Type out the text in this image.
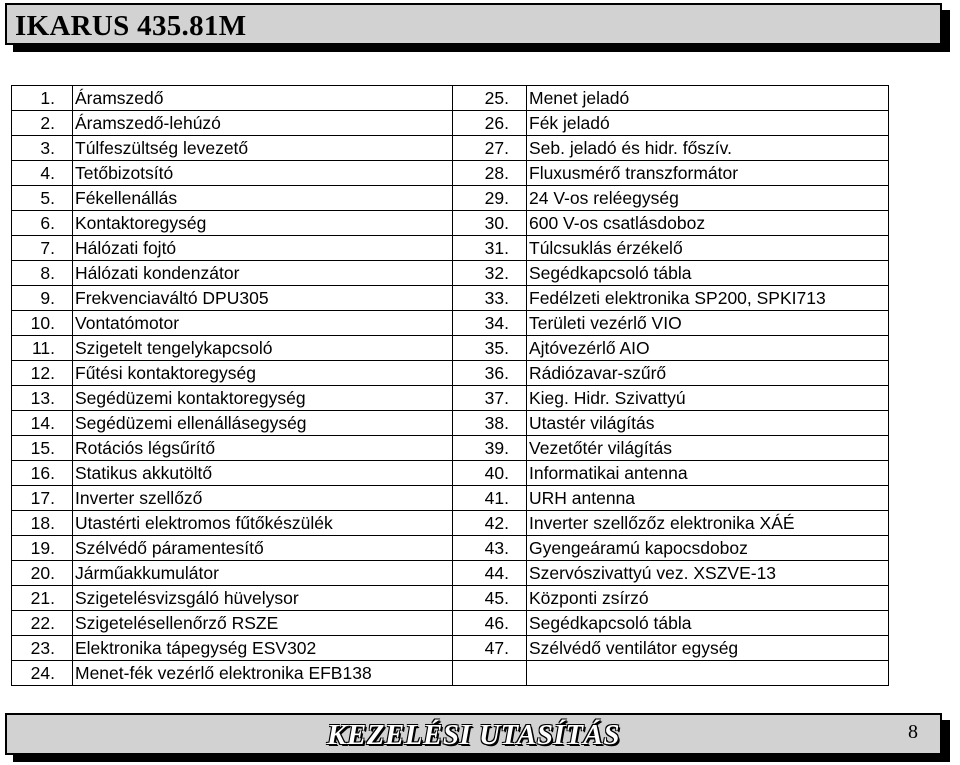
IKARUS 435.81M
1.	Áramszedő	25.	Menet jeladó
2.	Áramszedő-lehúzó	26.	Fék jeladó
3.	Túlfeszültség levezető	27.	Seb. jeladó és hidr. főszív.
4.	Tetőbizotsító	28.	Fluxusmérő transzformátor
5.	Fékellenállás	29.	24 V-os reléegység
6.	Kontaktoregység	30.	600 V-os csatlásdoboz
7.	Hálózati fojtó	31.	Túlcsuklás érzékelő
8.	Hálózati kondenzátor	32.	Segédkapcsoló tábla
9.	Frekvenciaváltó DPU305	33.	Fedélzeti elektronika SP200, SPKI713
10.	Vontatómotor	34.	Területi vezérlő VIO
11.	Szigetelt tengelykapcsoló	35.	Ajtóvezérlő AIO
12.	Fűtési kontaktoregység	36.	Rádiózavar-szűrő
13.	Segédüzemi kontaktoregység	37.	Kieg. Hidr. Szivattyú
14.	Segédüzemi ellenállásegység	38.	Utastér világítás
15.	Rotációs légsűrítő	39.	Vezetőtér világítás
16.	Statikus akkutöltő	40.	Informatikai antenna
17.	Inverter szellőző	41.	URH antenna
18.	Utastérti elektromos fűtőkészülék	42.	Inverter szellőzőz elektronika XÁÉ
19.	Szélvédő páramentesítő	43.	Gyengeáramú kapocsdoboz
20.	Járműakkumulátor	44.	Szervószivattyú vez. XSZVE-13
21.	Szigetelésvizsgáló hüvelysor	45.	Központi zsírzó
22.	Szigetelésellenőrző RSZE	46.	Segédkapcsoló tábla
23.	Elektronika tápegység ESV302	47.	Szélvédő ventilátor egység
24.	Menet-fék vezérlő elektronika EFB138		
KEZELÉSI UTASÍTÁS	8
